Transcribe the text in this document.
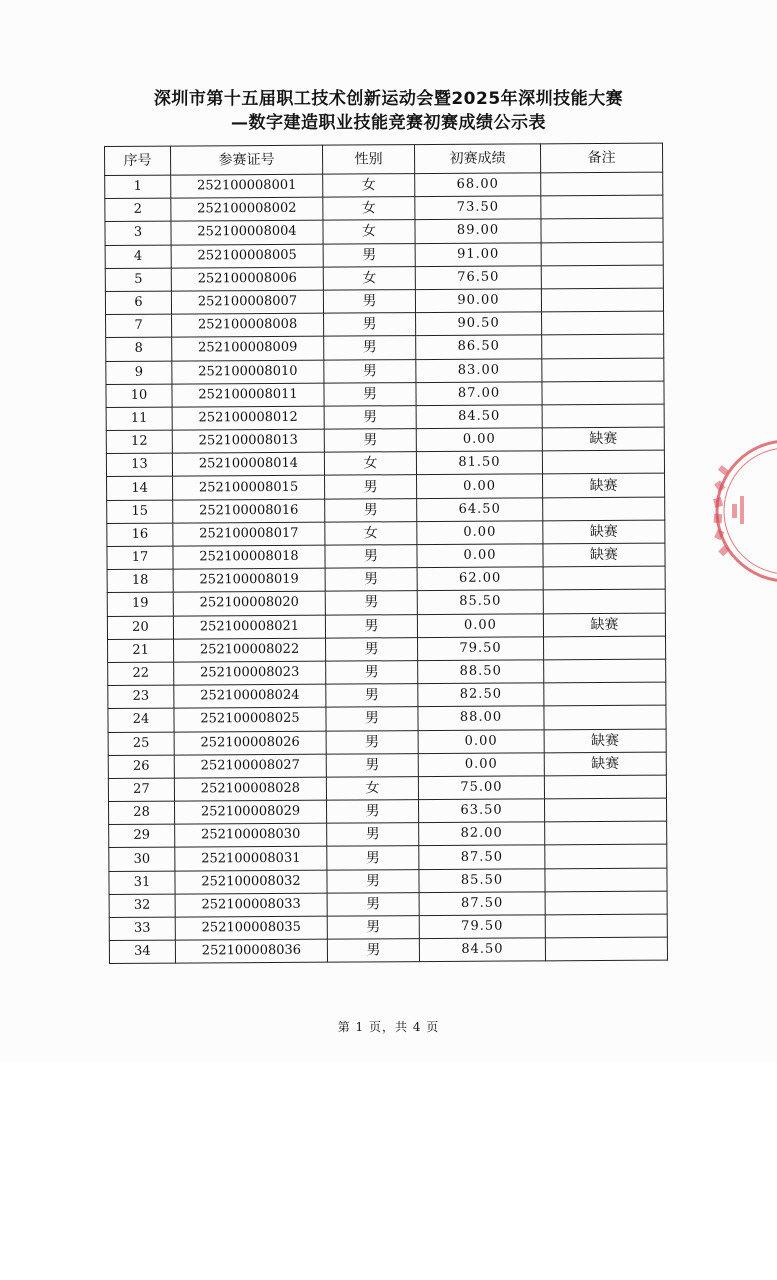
深圳市第十五届职工技术创新运动会暨2025年深圳技能大赛
—数字建造职业技能竞赛初赛成绩公示表
序号	参赛证号	性别	初赛成绩	备注
1	252100008001	女	68.00	
2	252100008002	女	73.50	
3	252100008004	女	89.00	
4	252100008005	男	91.00	
5	252100008006	女	76.50	
6	252100008007	男	90.00	
7	252100008008	男	90.50	
8	252100008009	男	86.50	
9	252100008010	男	83.00	
10	252100008011	男	87.00	
11	252100008012	男	84.50	
12	252100008013	男	0.00	缺赛
13	252100008014	女	81.50	
14	252100008015	男	0.00	缺赛
15	252100008016	男	64.50	
16	252100008017	女	0.00	缺赛
17	252100008018	男	0.00	缺赛
18	252100008019	男	62.00	
19	252100008020	男	85.50	
20	252100008021	男	0.00	缺赛
21	252100008022	男	79.50	
22	252100008023	男	88.50	
23	252100008024	男	82.50	
24	252100008025	男	88.00	
25	252100008026	男	0.00	缺赛
26	252100008027	男	0.00	缺赛
27	252100008028	女	75.00	
28	252100008029	男	63.50	
29	252100008030	男	82.00	
30	252100008031	男	87.50	
31	252100008032	男	85.50	
32	252100008033	男	87.50	
33	252100008035	男	79.50	
34	252100008036	男	84.50	
第 1 页，共 4 页
